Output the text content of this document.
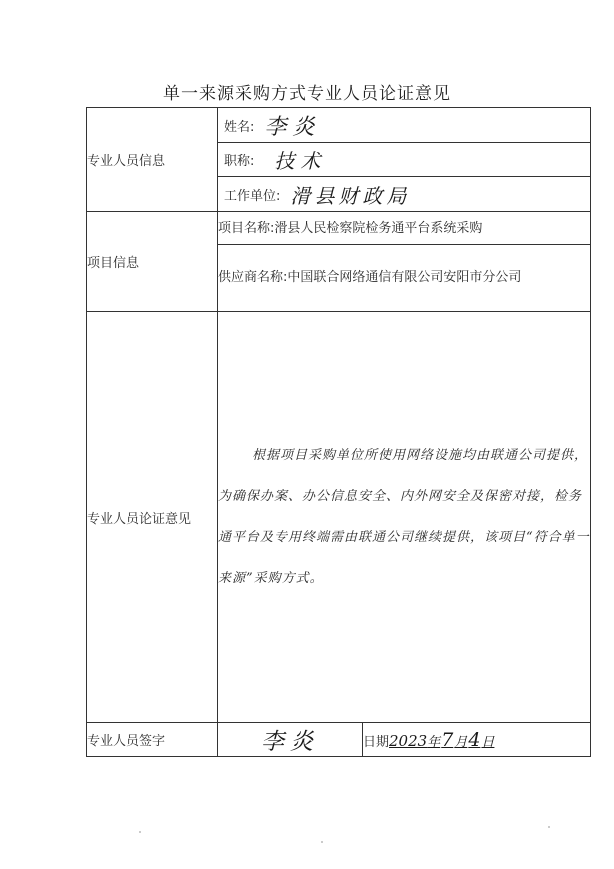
单一来源采购方式专业人员论证意见
专业人员信息	姓名: 李炎	

	职称: 技术	

	工作单位: 滑县财政局	

项目信息	项目名称:滑县人民检察院检务通平台系统采购	
	供应商名称:中国联合网络通信有限公司安阳市分公司	
专业人员论证意见	根据项目采购单位所使用网络设施均由联通公司提供，为确保办案、办公信息安全、内外网安全及保密对接，检务通平台及专用终端需由联通公司继续提供，该项目“符合单一来源”采购方式。	
专业人员签字	李炎	日期2023年7月4日
